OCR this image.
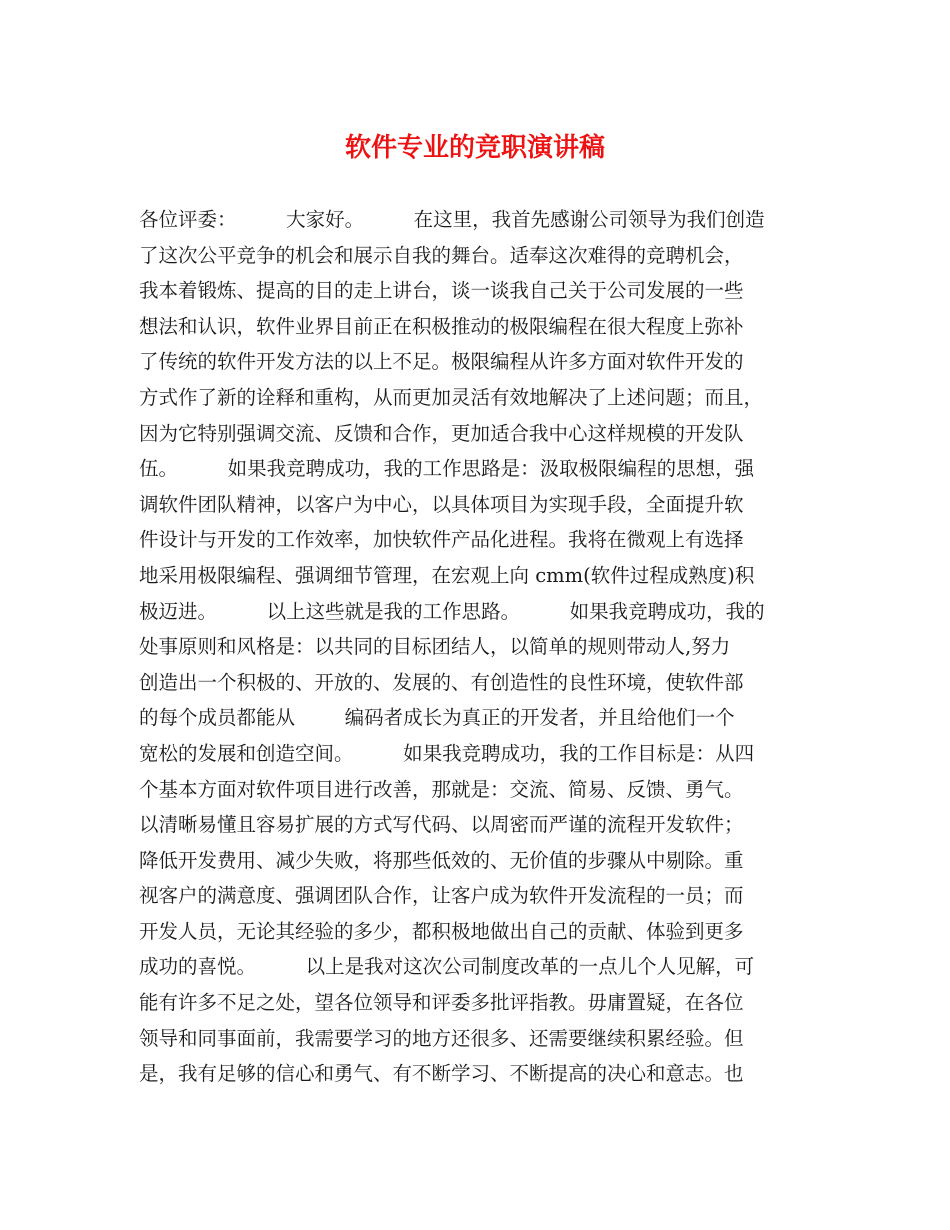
软件专业的竞职演讲稿
各位评委：        大家好。        在这里，我首先感谢公司领导为我们创造
了这次公平竞争的机会和展示自我的舞台。适奉这次难得的竞聘机会，
我本着锻炼、提高的目的走上讲台，谈一谈我自己关于公司发展的一些
想法和认识，软件业界目前正在积极推动的极限编程在很大程度上弥补
了传统的软件开发方法的以上不足。极限编程从许多方面对软件开发的
方式作了新的诠释和重构，从而更加灵活有效地解决了上述问题；而且，
因为它特别强调交流、反馈和合作，更加适合我中心这样规模的开发队
伍。        如果我竞聘成功，我的工作思路是：汲取极限编程的思想，强
调软件团队精神，以客户为中心，以具体项目为实现手段，全面提升软
件设计与开发的工作效率，加快软件产品化进程。我将在微观上有选择
地采用极限编程、强调细节管理，在宏观上向 cmm(软件过程成熟度)积
极迈进。        以上这些就是我的工作思路。        如果我竞聘成功，我的
处事原则和风格是：以共同的目标团结人，以简单的规则带动人,努力
创造出一个积极的、开放的、发展的、有创造性的良性环境，使软件部
的每个成员都能从        编码者成长为真正的开发者，并且给他们一个
宽松的发展和创造空间。        如果我竞聘成功，我的工作目标是：从四
个基本方面对软件项目进行改善，那就是：交流、简易、反馈、勇气。
以清晰易懂且容易扩展的方式写代码、以周密而严谨的流程开发软件；
降低开发费用、减少失败，将那些低效的、无价值的步骤从中剔除。重
视客户的满意度、强调团队合作，让客户成为软件开发流程的一员；而
开发人员，无论其经验的多少，都积极地做出自己的贡献、体验到更多
成功的喜悦。        以上是我对这次公司制度改革的一点儿个人见解，可
能有许多不足之处，望各位领导和评委多批评指教。毋庸置疑，在各位
领导和同事面前，我需要学习的地方还很多、还需要继续积累经验。但
是，我有足够的信心和勇气、有不断学习、不断提高的决心和意志。也
